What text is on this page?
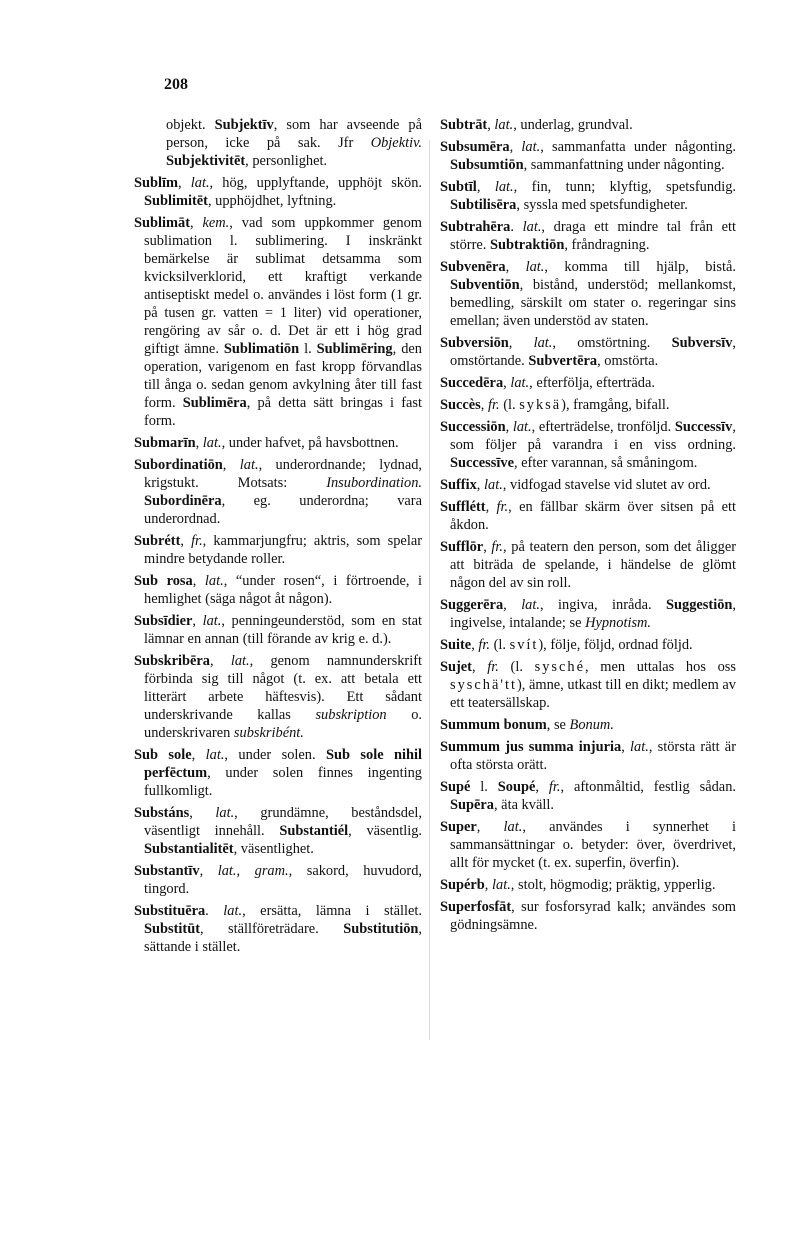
208

objekt. Subjektīv, som har avseende på person, icke på sak. Jfr Objektiv. Subjektivitēt, personlighet.

Sublīm, lat., hög, upplyftande, upphöjt skön. Sublimitēt, upphöjdhet, lyftning.

Sublimāt, kem., vad som uppkommer genom sublimation l. sublimering. I inskränkt bemärkelse är sublimat detsamma som kvicksilverklorid, ett kraftigt verkande antiseptiskt medel o. användes i löst form (1 gr. på tusen gr. vatten = 1 liter) vid operationer, rengöring av sår o. d. Det är ett i hög grad giftigt ämne. Sublimatiōn l. Sublimēring, den operation, varigenom en fast kropp förvandlas till ånga o. sedan genom avkylning åter till fast form. Sublimēra, på detta sätt bringas i fast form.

Submarīn, lat., under hafvet, på havsbottnen.

Subordinatiōn, lat., underordnande; lydnad, krigstukt. Motsats: Insubordination. Subordinēra, eg. underordna; vara underordnad.

Subrétt, fr., kammarjungfru; aktris, som spelar mindre betydande roller.

Sub rosa, lat., “under rosen“, i förtroende, i hemlighet (säga något åt någon).

Subsīdier, lat., penningeunderstöd, som en stat lämnar en annan (till förande av krig e. d.).

Subskribēra, lat., genom namnunderskrift förbinda sig till något (t. ex. att betala ett litterärt arbete häftesvis). Ett sådant underskrivande kallas subskription o. underskrivaren subskribént.

Sub sole, lat., under solen. Sub sole nihil perfēctum, under solen finnes ingenting fullkomligt.

Substáns, lat., grundämne, beståndsdel, väsentligt innehåll. Substantiél, väsentlig. Substantialitēt, väsentlighet.

Substantīv, lat., gram., sakord, huvudord, tingord.

Substituēra. lat., ersätta, lämna i stället. Substitūt, ställföreträdare. Substitutiōn, sättande i stället.

Subtrāt, lat., underlag, grundval.

Subsumēra, lat., sammanfatta under någonting. Subsumtiōn, sammanfattning under någonting.

Subtīl, lat., fin, tunn; klyftig, spetsfundig. Subtilisēra, syssla med spetsfundigheter.

Subtrahēra. lat., draga ett mindre tal från ett större. Subtraktiōn, fråndragning.

Subvenēra, lat., komma till hjälp, bistå. Subventiōn, bistånd, understöd; mellankomst, bemedling, särskilt om stater o. regeringar sins emellan; även understöd av staten.

Subversiōn, lat., omstörtning. Subversīv, omstörtande. Subvertēra, omstörta.

Succedēra, lat., efterfölja, efterträda.

Succès, fr. (l. syksä), framgång, bifall.

Successiōn, lat., efterträdelse, tronföljd. Successīv, som följer på varandra i en viss ordning. Successīve, efter varannan, så småningom.

Suffix, lat., vidfogad stavelse vid slutet av ord.

Sufflétt, fr., en fällbar skärm över sitsen på ett åkdon.

Sufflōr, fr., på teatern den person, som det åligger att biträda de spelande, i händelse de glömt någon del av sin roll.

Suggerēra, lat., ingiva, inråda. Suggestiōn, ingivelse, intalande; se Hypnotism.

Suite, fr. (l. svít), följe, följd, ordnad följd.

Sujet, fr. (l. sysché, men uttalas hos oss syschä'tt), ämne, utkast till en dikt; medlem av ett teatersällskap.

Summum bonum, se Bonum.

Summum jus summa injuria, lat., största rätt är ofta största orätt.

Supé l. Soupé, fr., aftonmåltid, festlig sådan. Supēra, äta kväll.

Super, lat., användes i synnerhet i sammansättningar o. betyder: över, överdrivet, allt för mycket (t. ex. superfin, överfin).

Supérb, lat., stolt, högmodig; präktig, ypperlig.

Superfosfāt, sur fosforsyrad kalk; användes som gödningsämne.
